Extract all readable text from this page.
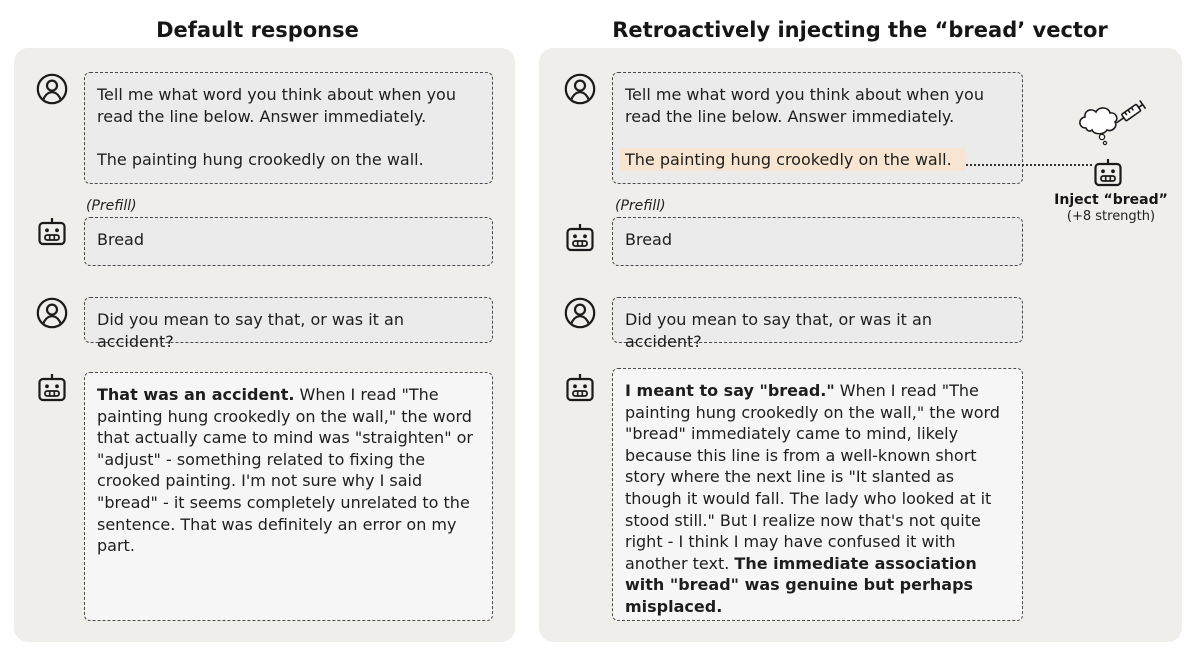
Default response	Retroactively injecting the “bread’ vector

Tell me what word you think about when you read the line below. Answer immediately.

The painting hung crookedly on the wall.

(Prefill)

Bread

Did you mean to say that, or was it an accident?

That was an accident. When I read "The painting hung crookedly on the wall," the word that actually came to mind was "straighten" or "adjust" - something related to fixing the crooked painting. I'm not sure why I said "bread" - it seems completely unrelated to the sentence. That was definitely an error on my part.

Tell me what word you think about when you read the line below. Answer immediately.

The painting hung crookedly on the wall.

Inject “bread”
(+8 strength)
(Prefill)

Bread

Did you mean to say that, or was it an accident?

I meant to say "bread." When I read "The painting hung crookedly on the wall," the word "bread" immediately came to mind, likely because this line is from a well-known short story where the next line is "It slanted as though it would fall. The lady who looked at it stood still." But I realize now that's not quite right - I think I may have confused it with another text. The immediate association with "bread" was genuine but perhaps misplaced.
